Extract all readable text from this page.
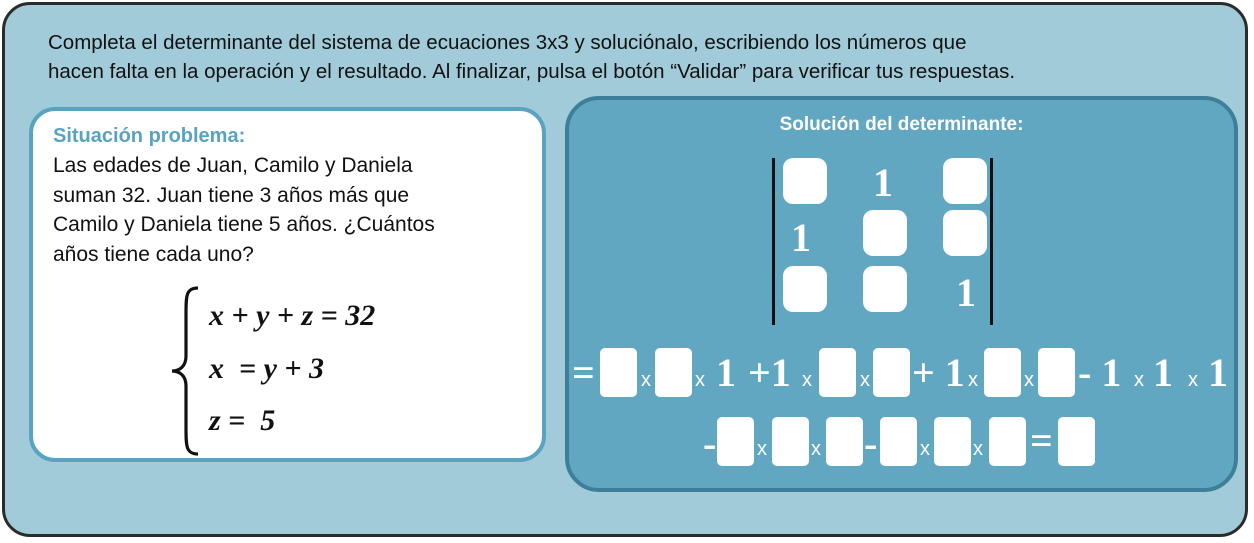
Completa el determinante del sistema de ecuaciones 3x3 y soluciónalo, escribiendo los números que
hacen falta en la operación y el resultado. Al finalizar, pulsa el botón “Validar” para verificar tus respuestas.
Situación problema:
Las edades de Juan, Camilo y Daniela
suman 32. Juan tiene 3 años más que
Camilo y Daniela tiene 5 años. ¿Cuántos
años tiene cada uno?
x + y + z = 32
x  = y + 3
z =  5
Solución del determinante:
1
1
1
= x x 1 +1 x x + 1 x x - 1 x 1 x 1
- x x - x x =
